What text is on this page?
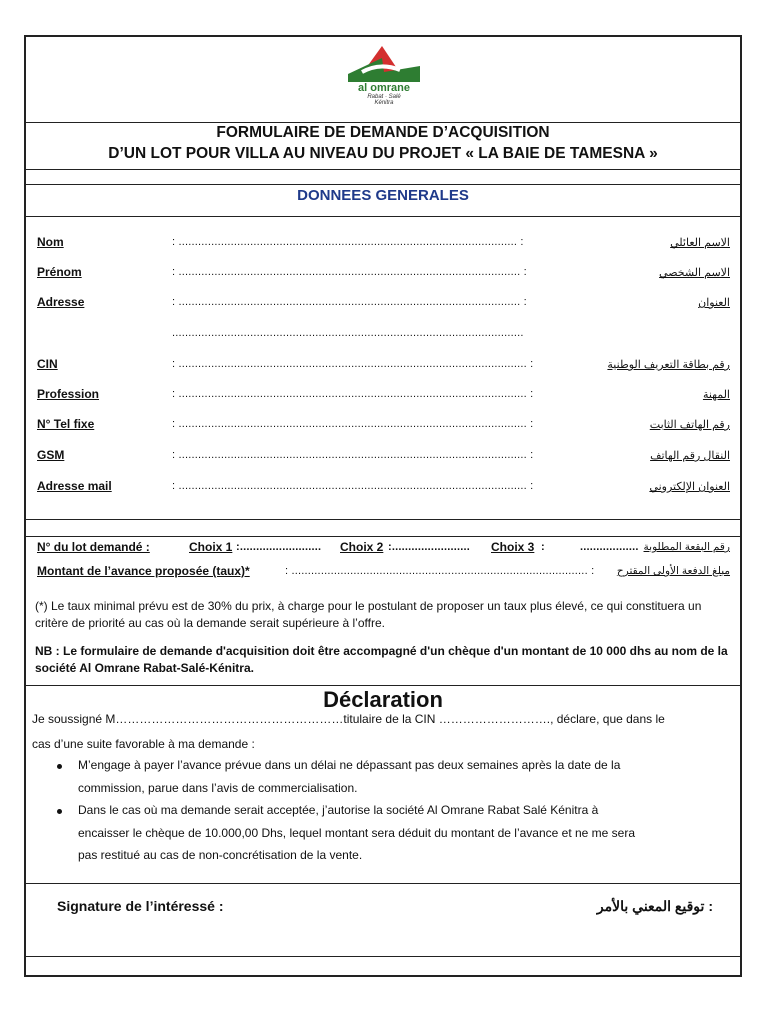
al omrane
Rabat · Salé
Kénitra
FORMULAIRE DE DEMANDE D’ACQUISITION
D’UN LOT POUR VILLA AU NIVEAU DU PROJET « LA BAIE DE TAMESNA »
DONNEES GENERALES
Nom	: ........................................................................................................ :	الاسم العائلي
Prénom	: ......................................................................................................... :	الاسم الشخصي
Adresse	: ......................................................................................................... :	العنوان
............................................................................................................
CIN	: ........................................................................................................... :	رقم بطاقة التعريف الوطنية
Profession	: ........................................................................................................... :	المهنة
N° Tel fixe	: ........................................................................................................... :	رقم الهاتف الثابت
GSM	: ........................................................................................................... :	النقال رقم الهاتف
Adresse mail	: ........................................................................................................... :	العنوان الإلكتروني
N° du lot demandé :	Choix 1 :......................... Choix 2 :........................ Choix 3 :	.................. رقم البقعة المطلوبة
Montant de l’avance proposée (taux)*	: ........................................................................................... : مبلغ الدفعة الأولى المقترح
(*) Le taux minimal prévu est de 30% du prix, à charge pour le postulant de proposer un taux plus élevé, ce qui constituera un critère de priorité au cas où la demande serait supérieure à l’offre.
NB : Le formulaire de demande d'acquisition doit être accompagné d'un chèque d'un montant de 10 000 dhs au nom de la société Al Omrane Rabat-Salé-Kénitra.
Déclaration
Je soussigné M…………………………………………………titulaire de la CIN ………………………., déclare, que dans le
cas d’une suite favorable à ma demande :
M’engage à payer l’avance prévue dans un délai ne dépassant pas deux semaines après la date de la
commission, parue dans l’avis de commercialisation.
Dans le cas où ma demande serait acceptée, j’autorise la société Al Omrane Rabat Salé Kénitra à
encaisser le chèque de 10.000,00 Dhs, lequel montant sera déduit du montant de l’avance et ne me sera
pas restitué au cas de non-concrétisation de la vente.
Signature de l’intéressé :	: توقيع المعني بالأمر
